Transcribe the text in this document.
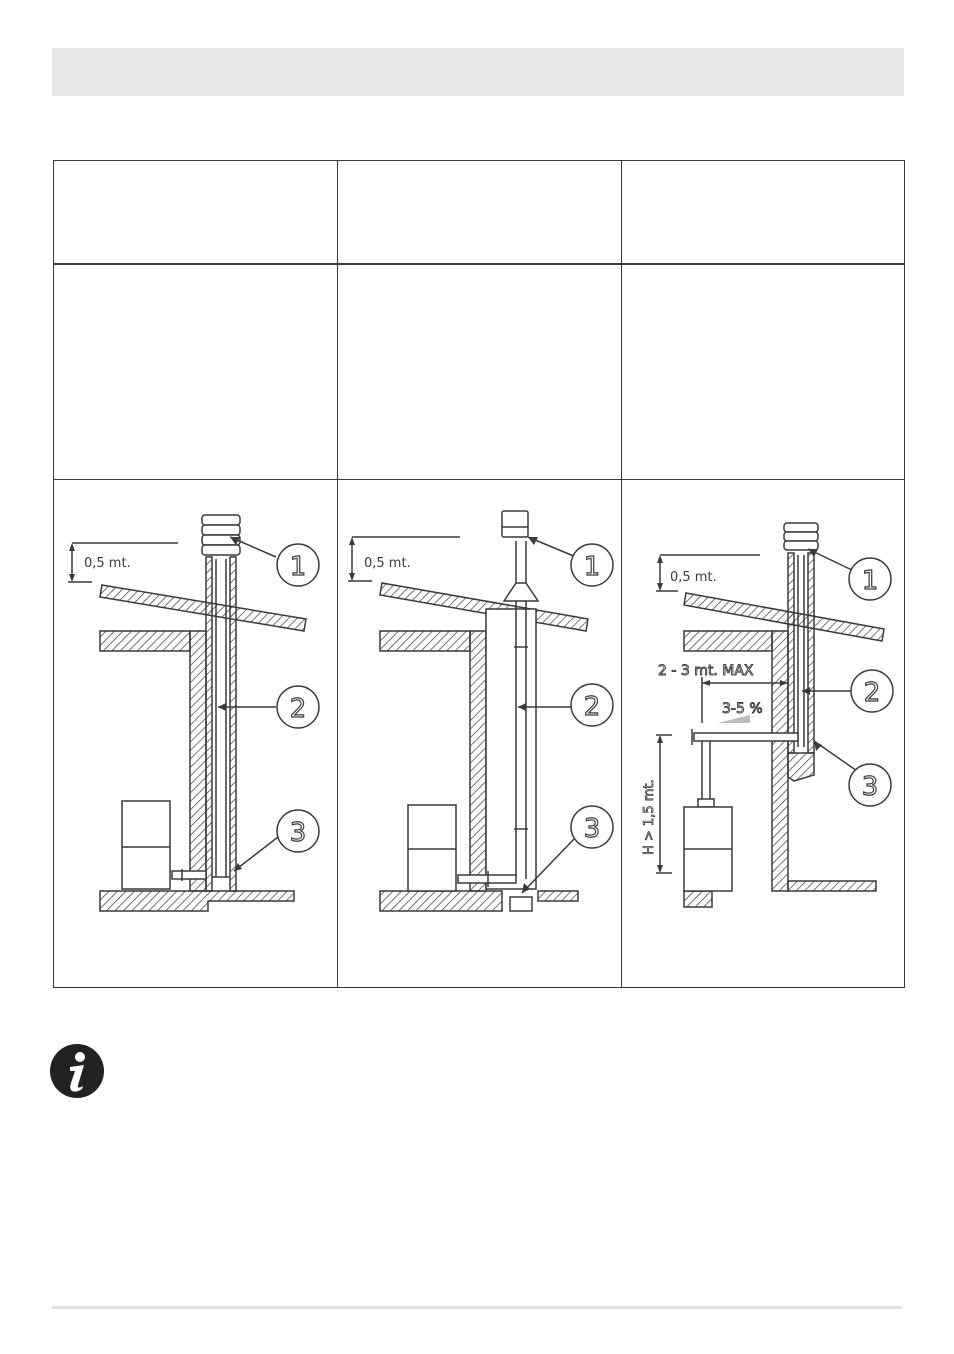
0,5 mt.	1
2
3
0,5 mt.	1
2
3
0,5 mt.
2 - 3 mt. MAX
3-5 %
H > 1,5 mt.
1
2
3
